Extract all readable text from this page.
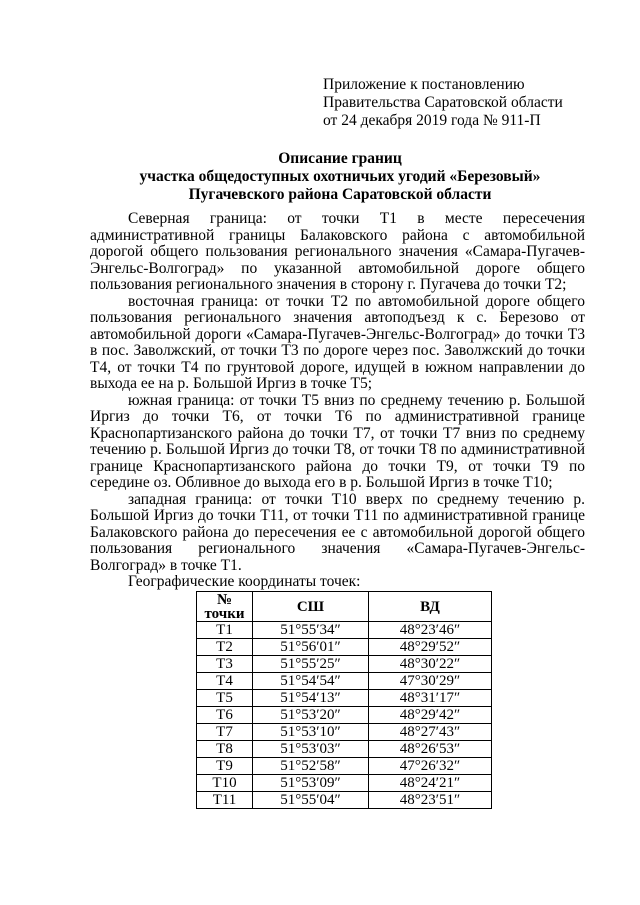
Приложение к постановлению
Правительства Саратовской области
от 24 декабря 2019 года № 911-П
Описание границ
участка общедоступных охотничьих угодий «Березовый»
Пугачевского района Саратовской области

Северная граница: от точки Т1 в месте пересечения административной границы Балаковского района с автомобильной дорогой общего пользования регионального значения «Самара-Пугачев-Энгельс-Волгоград» по указанной автомобильной дороге общего пользования регионального значения в сторону г. Пугачева до точки Т2;

восточная граница: от точки Т2 по автомобильной дороге общего пользования регионального значения автоподъезд к с. Березово от автомобильной дороги «Самара-Пугачев-Энгельс-Волгоград» до точки Т3 в пос. Заволжский, от точки Т3 по дороге через пос. Заволжский до точки Т4, от точки Т4 по грунтовой дороге, идущей в южном направлении до выхода ее на р. Большой Иргиз в точке Т5;

южная граница: от точки Т5 вниз по среднему течению р. Большой Иргиз до точки Т6, от точки Т6 по административной границе Краснопартизанского района до точки Т7, от точки Т7 вниз по среднему течению р. Большой Иргиз до точки Т8, от точки Т8 по административной границе Краснопартизанского района до точки Т9, от точки Т9 по середине оз. Обливное до выхода его в р. Большой Иргиз в точке Т10;

западная граница: от точки Т10 вверх по среднему течению р. Большой Иргиз до точки Т11, от точки Т11 по административной границе Балаковского района до пересечения ее с автомобильной дорогой общего пользования регионального значения «Самара-Пугачев-Энгельс-Волгоград» в точке Т1.

Географические координаты точек:

№
точки	СШ	ВД
Т1	51°55′34″	48°23′46″
Т2	51°56′01″	48°29′52″
Т3	51°55′25″	48°30′22″
Т4	51°54′54″	47°30′29″
Т5	51°54′13″	48°31′17″
Т6	51°53′20″	48°29′42″
Т7	51°53′10″	48°27′43″
Т8	51°53′03″	48°26′53″
Т9	51°52′58″	47°26′32″
Т10	51°53′09″	48°24′21″
Т11	51°55′04″	48°23′51″
